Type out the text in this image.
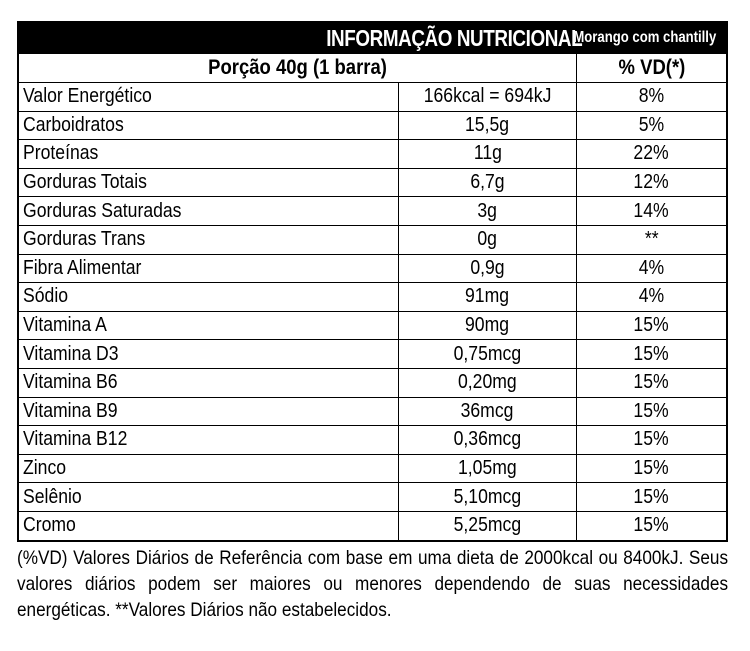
INFORMAÇÃO NUTRICIONAL
Morango com chantilly
Porção 40g (1 barra)	% VD(*)
Valor Energético	166kcal = 694kJ	8%
Carboidratos	15,5g	5%
Proteínas	11g	22%
Gorduras Totais	6,7g	12%
Gorduras Saturadas	3g	14%
Gorduras Trans	0g	**
Fibra Alimentar	0,9g	4%
Sódio	91mg	4%
Vitamina A	90mg	15%
Vitamina D3	0,75mcg	15%
Vitamina B6	0,20mg	15%
Vitamina B9	36mcg	15%
Vitamina B12	0,36mcg	15%
Zinco	1,05mg	15%
Selênio	5,10mcg	15%
Cromo	5,25mcg	15%
(%VD) Valores Diários de Referência com base em uma dieta de 2000kcal ou 8400kJ. Seus valores diários podem ser maiores ou menores dependendo de suas necessidades energéticas. **Valores Diários não estabelecidos.
